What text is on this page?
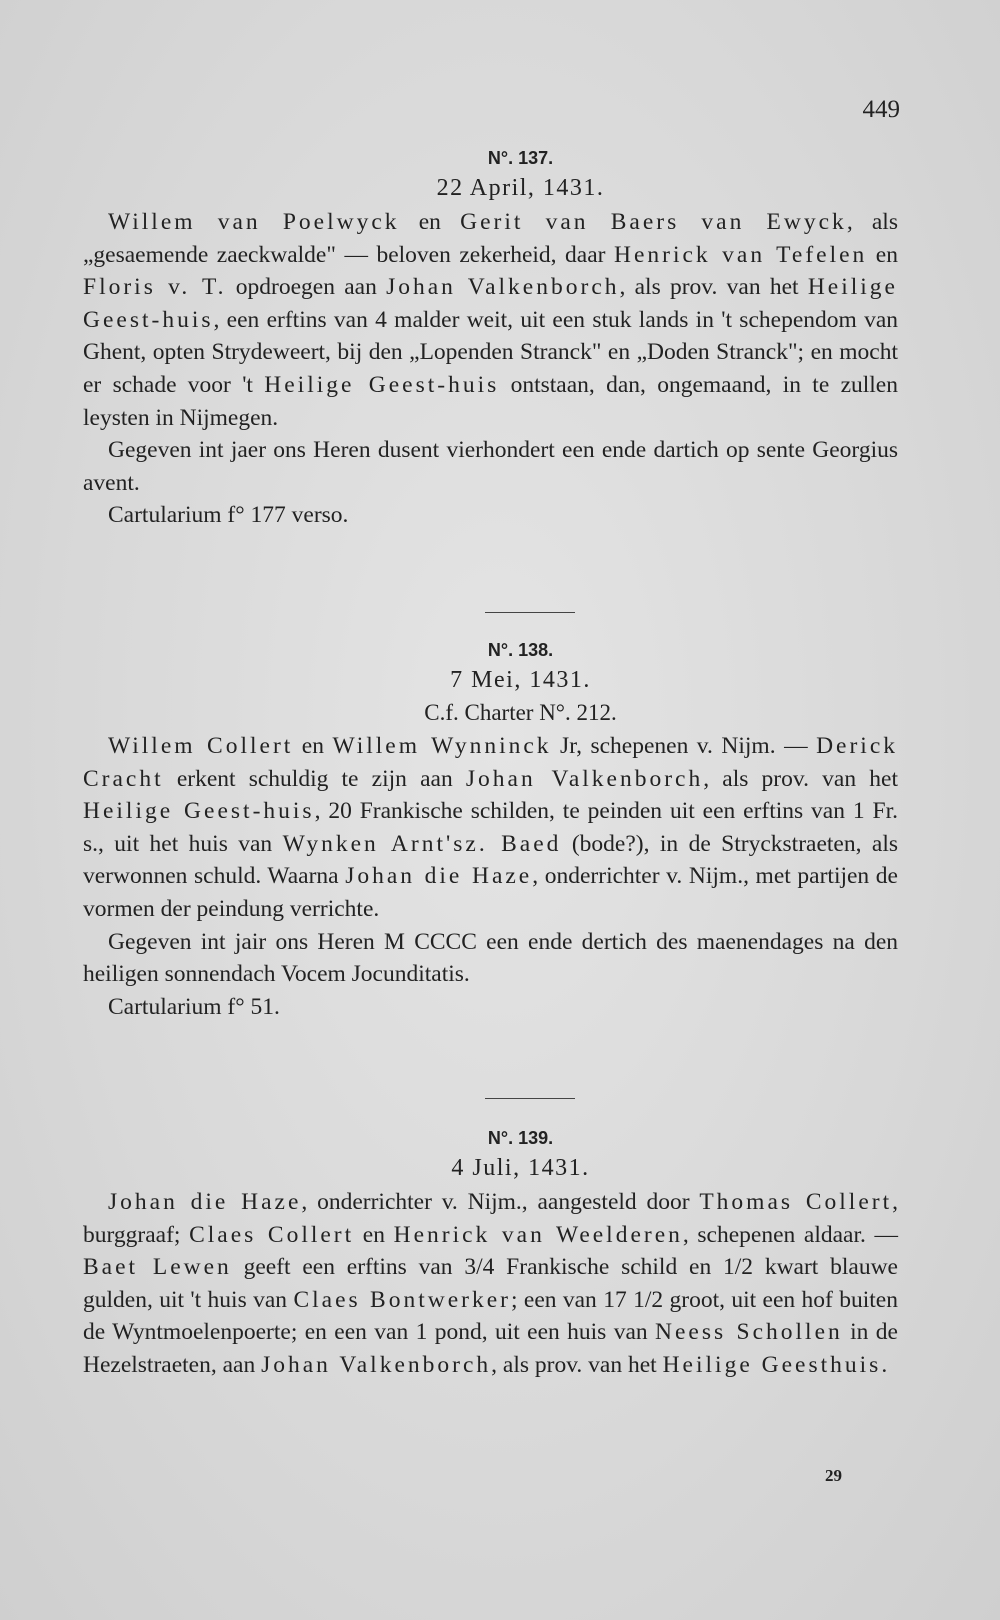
449
N°. 137.
22 April, 1431.

Willem van Poelwyck en Gerit van Baers van Ewyck, als „gesaemende zaeckwalde" — beloven zekerheid, daar Henrick van Tefelen en Floris v. T. opdroegen aan Johan Valkenborch, als prov. van het Heilige Geest-huis, een erftins van 4 malder weit, uit een stuk lands in 't schependom van Ghent, opten Strydeweert, bij den „Lopenden Stranck" en „Doden Stranck"; en mocht er schade voor 't Heilige Geest-huis ontstaan, dan, ongemaand, in te zullen leysten in Nijmegen.

Gegeven int jaer ons Heren dusent vierhondert een ende dartich op sente Georgius avent.

Cartularium f° 177 verso.

N°. 138.
7 Mei, 1431.
C.f. Charter N°. 212.

Willem Collert en Willem Wynninck Jr, schepenen v. Nijm. — Derick Cracht erkent schuldig te zijn aan Johan Valkenborch, als prov. van het Heilige Geest-huis, 20 Frankische schilden, te peinden uit een erftins van 1 Fr. s., uit het huis van Wynken Arnt'sz. Baed (bode?), in de Stryckstraeten, als verwonnen schuld. Waarna Johan die Haze, onderrichter v. Nijm., met partijen de vormen der peindung verrichte.

Gegeven int jair ons Heren M CCCC een ende dertich des maenendages na den heiligen sonnendach Vocem Jocunditatis.

Cartularium f° 51.

N°. 139.
4 Juli, 1431.

Johan die Haze, onderrichter v. Nijm., aangesteld door Thomas Collert, burggraaf; Claes Collert en Henrick van Weelderen, schepenen aldaar. — Baet Lewen geeft een erftins van 3/4 Frankische schild en 1/2 kwart blauwe gulden, uit 't huis van Claes Bontwerker; een van 17 1/2 groot, uit een hof buiten de Wyntmoelenpoerte; en een van 1 pond, uit een huis van Neess Schollen in de Hezelstraeten, aan Johan Valkenborch, als prov. van het Heilige Geesthuis.

29
